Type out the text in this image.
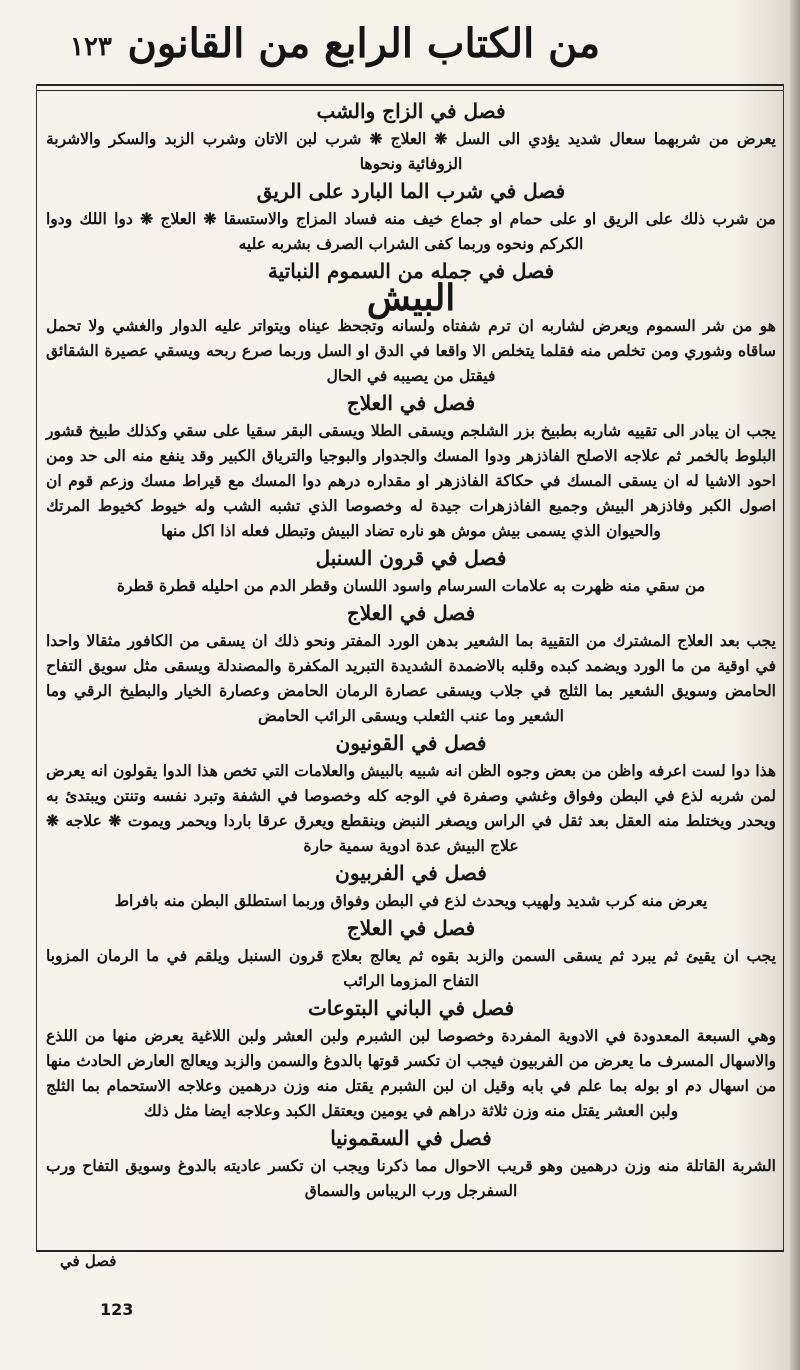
من الكتاب الرابع من القانون
١٢٣
فصل في الزاج والشب

يعرض من شربهما سعال شديد يؤدي الى السل ❋ العلاج ❋ شرب لبن الاتان وشرب الزبد والسكر والاشربة الزوفائية ونحوها

فصل في شرب الما البارد على الريق

من شرب ذلك على الريق او على حمام او جماع خيف منه فساد المزاج والاستسقا ❋ العلاج ❋ دوا اللك ودوا الكركم ونحوه وربما كفى الشراب الصرف بشربه عليه

فصل في جمله من السموم النباتية
البيش

هو من شر السموم ويعرض لشاربه ان ترم شفتاه ولسانه وتجحظ عيناه ويتواتر عليه الدوار والغشي ولا تحمل ساقاه وشوري ومن تخلص منه فقلما يتخلص الا واقعا في الدق او السل وربما صرع ربحه ويسقي عصيرة الشقائق فيقتل من يصيبه في الحال

فصل في العلاج

يجب ان يبادر الى تقييه شاربه بطبيخ بزر الشلجم ويسقى الطلا ويسقى البقر سقيا على سقي وكذلك طبيخ قشور البلوط بالخمر ثم علاجه الاصلح الفاذزهر ودوا المسك والجدوار والبوجيا والترياق الكبير وقد ينفع منه الى حد ومن احود الاشيا له ان يسقى المسك في حكاكة الفاذزهر او مقداره درهم دوا المسك مع قيراط مسك وزعم قوم ان اصول الكبر وفاذزهر البيش وجميع الفاذزهرات جيدة له وخصوصا الذي تشبه الشب وله خيوط كخيوط المرتك والحيوان الذي يسمى بيش موش هو ناره تضاد البيش وتبطل فعله اذا اكل منها

فصل في قرون السنبل

من سقي منه ظهرت به علامات السرسام واسود اللسان وقطر الدم من احليله قطرة قطرة

فصل في العلاج

يجب بعد العلاج المشترك من التقيية بما الشعير بدهن الورد المفتر ونحو ذلك ان يسقى من الكافور مثقالا واحدا في اوقية من ما الورد ويضمد كبده وقلبه بالاضمدة الشديدة التبريد المكفرة والمصندلة ويسقى مثل سويق التفاح الحامض وسويق الشعير بما الثلج في جلاب ويسقى عصارة الرمان الحامض وعصارة الخيار والبطيخ الرقي وما الشعير وما عنب الثعلب ويسقى الرائب الحامض

فصل في القونيون

هذا دوا لست اعرفه واظن من بعض وجوه الظن انه شبيه بالبيش والعلامات التي تخص هذا الدوا يقولون انه يعرض لمن شربه لذع في البطن وفواق وغشي وصفرة في الوجه كله وخصوصا في الشفة وتبرد نفسه وتنتن ويبتدئ به ويحدر ويختلط منه العقل بعد ثقل في الراس ويصغر النبض وينقطع ويعرق عرقا باردا ويحمر ويموت ❋ علاجه ❋ علاج البيش عدة ادوية سمية حارة

فصل في الفربيون

يعرض منه كرب شديد ولهيب ويحدث لذع في البطن وفواق وربما استطلق البطن منه بافراط

فصل في العلاج

يجب ان يقيئ ثم يبرد ثم يسقى السمن والزبد بقوه ثم يعالج بعلاج قرون السنبل ويلقم في ما الرمان المزوبا التفاح المزوما الرائب

فصل في الباني البتوعات

وهي السبعة المعدودة في الادوية المفردة وخصوصا لبن الشبرم ولبن العشر ولبن اللاغية يعرض منها من اللذع والاسهال المسرف ما يعرض من الفربيون فيجب ان تكسر قوتها بالدوغ والسمن والزبد ويعالج العارض الحادث منها من اسهال دم او بوله بما علم في بابه وقيل ان لبن الشبرم يقتل منه وزن درهمين وعلاجه الاستحمام بما الثلج ولبن العشر يقتل منه وزن ثلاثة دراهم في يومين ويعتقل الكبد وعلاجه ايضا مثل ذلك

فصل في السقمونيا

الشربة القاتلة منه وزن درهمين وهو قريب الاحوال مما ذكرنا ويجب ان تكسر عاديته بالدوغ وسويق التفاح ورب السفرجل ورب الريباس والسماق

فصل في
123
